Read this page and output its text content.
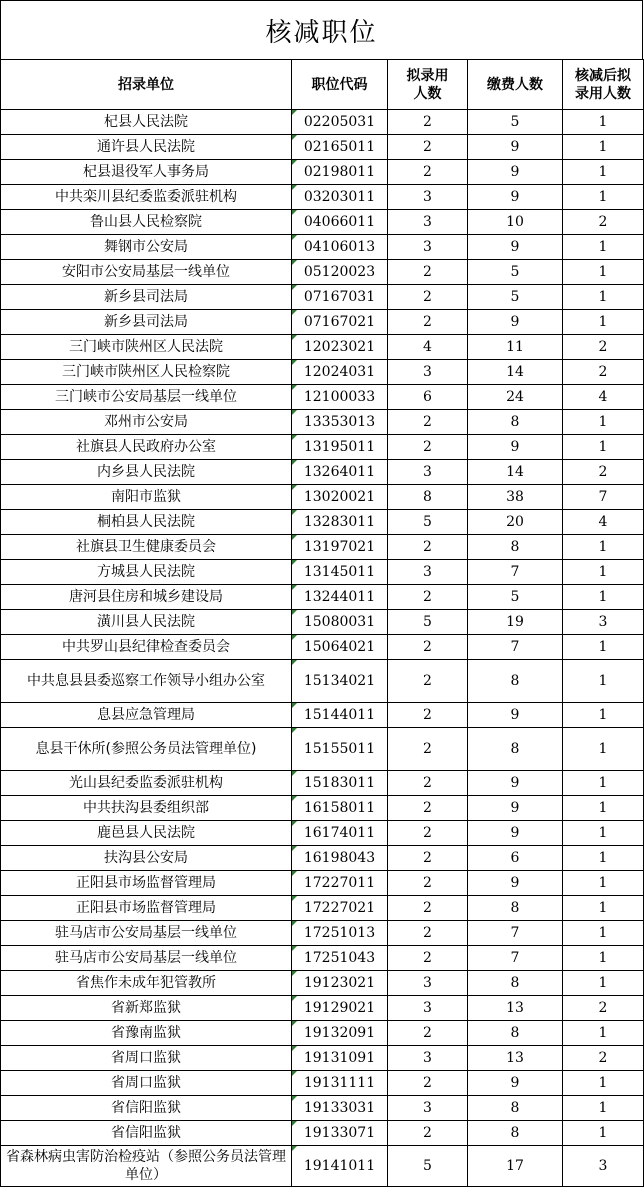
核减职位
招录单位	职位代码	拟录用人数	缴费人数	核减后拟录用人数
杞县人民法院	02205031	2	5	1
通许县人民法院	02165011	2	9	1
杞县退役军人事务局	02198011	2	9	1
中共栾川县纪委监委派驻机构	03203011	3	9	1
鲁山县人民检察院	04066011	3	10	2
舞钢市公安局	04106013	3	9	1
安阳市公安局基层一线单位	05120023	2	5	1
新乡县司法局	07167031	2	5	1
新乡县司法局	07167021	2	9	1
三门峡市陕州区人民法院	12023021	4	11	2
三门峡市陕州区人民检察院	12024031	3	14	2
三门峡市公安局基层一线单位	12100033	6	24	4
邓州市公安局	13353013	2	8	1
社旗县人民政府办公室	13195011	2	9	1
内乡县人民法院	13264011	3	14	2
南阳市监狱	13020021	8	38	7
桐柏县人民法院	13283011	5	20	4
社旗县卫生健康委员会	13197021	2	8	1
方城县人民法院	13145011	3	7	1
唐河县住房和城乡建设局	13244011	2	5	1
潢川县人民法院	15080031	5	19	3
中共罗山县纪律检查委员会	15064021	2	7	1
中共息县县委巡察工作领导小组办公室	15134021	2	8	1
息县应急管理局	15144011	2	9	1
息县干休所(参照公务员法管理单位)	15155011	2	8	1
光山县纪委监委派驻机构	15183011	2	9	1
中共扶沟县委组织部	16158011	2	9	1
鹿邑县人民法院	16174011	2	9	1
扶沟县公安局	16198043	2	6	1
正阳县市场监督管理局	17227011	2	9	1
正阳县市场监督管理局	17227021	2	8	1
驻马店市公安局基层一线单位	17251013	2	7	1
驻马店市公安局基层一线单位	17251043	2	7	1
省焦作未成年犯管教所	19123021	3	8	1
省新郑监狱	19129021	3	13	2
省豫南监狱	19132091	2	8	1
省周口监狱	19131091	3	13	2
省周口监狱	19131111	2	9	1
省信阳监狱	19133031	3	8	1
省信阳监狱	19133071	2	8	1
省森林病虫害防治检疫站（参照公务员法管理单位）	19141011	5	17	3
